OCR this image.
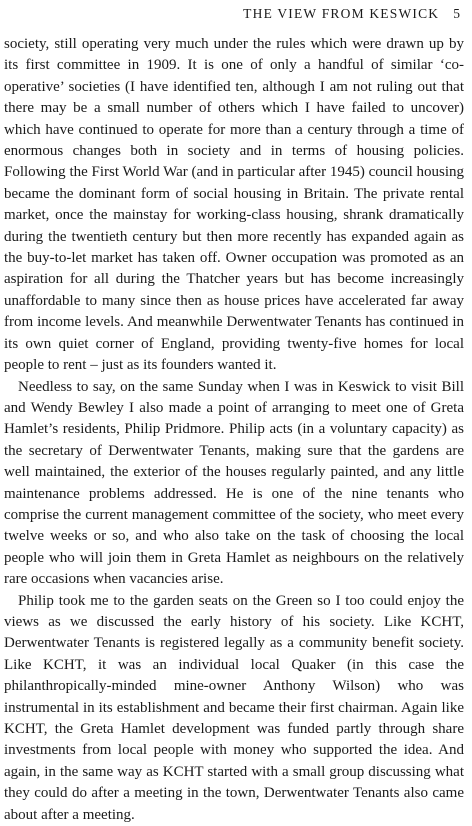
THE VIEW FROM KESWICK 5

society, still operating very much under the rules which were drawn up by its first committee in 1909. It is one of only a handful of similar ‘co-operative’ societies (I have identified ten, although I am not ruling out that there may be a small number of others which I have failed to uncover) which have continued to operate for more than a century through a time of enormous changes both in society and in terms of housing policies. Following the First World War (and in particular after 1945) council housing became the dominant form of social housing in Britain. The private rental market, once the mainstay for working-class housing, shrank dramatically during the twentieth century but then more recently has expanded again as the buy-to-let market has taken off. Owner occupation was promoted as an aspiration for all during the Thatcher years but has become increasingly unaffordable to many since then as house prices have accelerated far away from income levels. And meanwhile Derwentwater Tenants has continued in its own quiet corner of England, providing twenty-five homes for local people to rent – just as its founders wanted it.

Needless to say, on the same Sunday when I was in Keswick to visit Bill and Wendy Bewley I also made a point of arranging to meet one of Greta Hamlet’s residents, Philip Pridmore. Philip acts (in a voluntary capacity) as the secretary of Derwentwater Tenants, making sure that the gardens are well maintained, the exterior of the houses regularly painted, and any little maintenance problems addressed. He is one of the nine tenants who comprise the current management committee of the society, who meet every twelve weeks or so, and who also take on the task of choosing the local people who will join them in Greta Hamlet as neighbours on the relatively rare occasions when vacancies arise.

Philip took me to the garden seats on the Green so I too could enjoy the views as we discussed the early history of his society. Like KCHT, Derwentwater Tenants is registered legally as a community benefit society. Like KCHT, it was an individual local Quaker (in this case the philanthropically-minded mine-owner Anthony Wilson) who was instrumental in its establishment and became their first chairman. Again like KCHT, the Greta Hamlet development was funded partly through share investments from local people with money who supported the idea. And again, in the same way as KCHT started with a small group discussing what they could do after a meeting in the town, Derwentwater Tenants also came about after a meeting.
